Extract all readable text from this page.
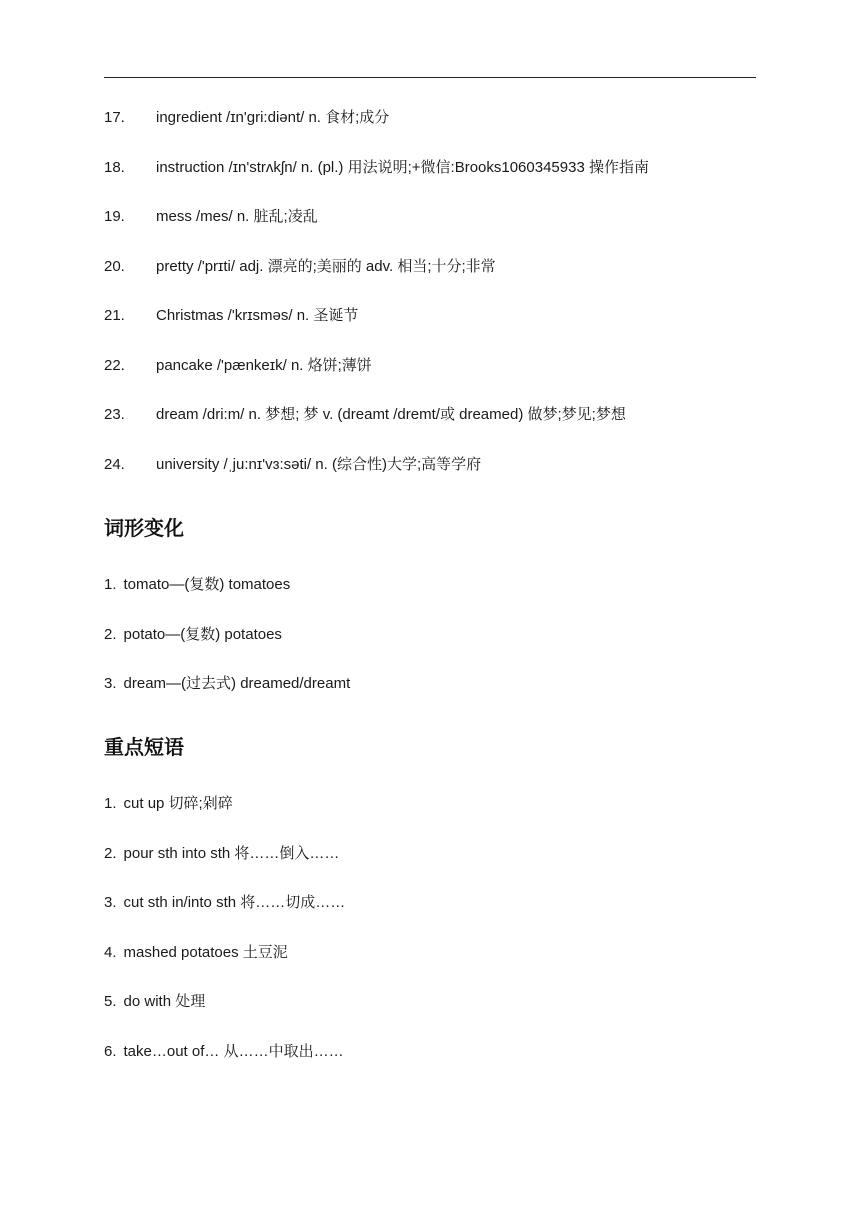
17. ingredient /ɪn'gri:diənt/ n. 食材;成分
18. instruction /ɪn'strʌkʃn/ n. (pl.) 用法说明;+微信:Brooks1060345933 操作指南
19. mess /mes/ n. 脏乱;凌乱
20. pretty /'prɪti/ adj. 漂亮的;美丽的 adv. 相当;十分;非常
21. Christmas /'krɪsməs/ n. 圣诞节
22. pancake /'pænkeɪk/ n. 烙饼;薄饼
23. dream /dri:m/ n. 梦想; 梦 v. (dreamt /dremt/或 dreamed) 做梦;梦见;梦想
24. university /ˌju:nɪ'vɜ:səti/ n. (综合性)大学;高等学府
词形变化
1. tomato—(复数) tomatoes
2. potato—(复数) potatoes
3. dream—(过去式) dreamed/dreamt
重点短语
1. cut up 切碎;剁碎
2. pour sth into sth 将……倒入……
3. cut sth in/into sth 将……切成……
4. mashed potatoes 土豆泥
5. do with 处理
6. take…out of… 从……中取出……
